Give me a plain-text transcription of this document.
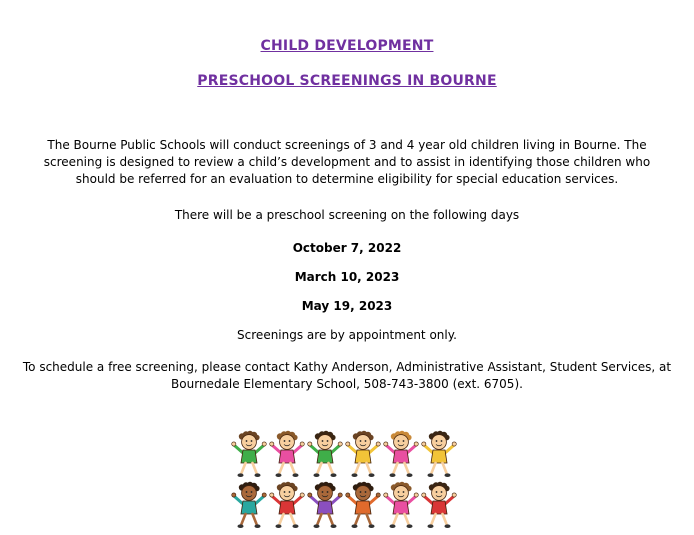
CHILD DEVELOPMENT
PRESCHOOL SCREENINGS IN BOURNE
The Bourne Public Schools will conduct screenings of 3 and 4 year old children living in Bourne. The screening is designed to review a child’s development and to assist in identifying those children who should be referred for an evaluation to determine eligibility for special education services.
There will be a preschool screening on the following days
October 7, 2022
March 10, 2023
May 19, 2023
Screenings are by appointment only.
To schedule a free screening, please contact Kathy Anderson, Administrative Assistant, Student Services, at Bournedale Elementary School, 508-743-3800 (ext. 6705).
